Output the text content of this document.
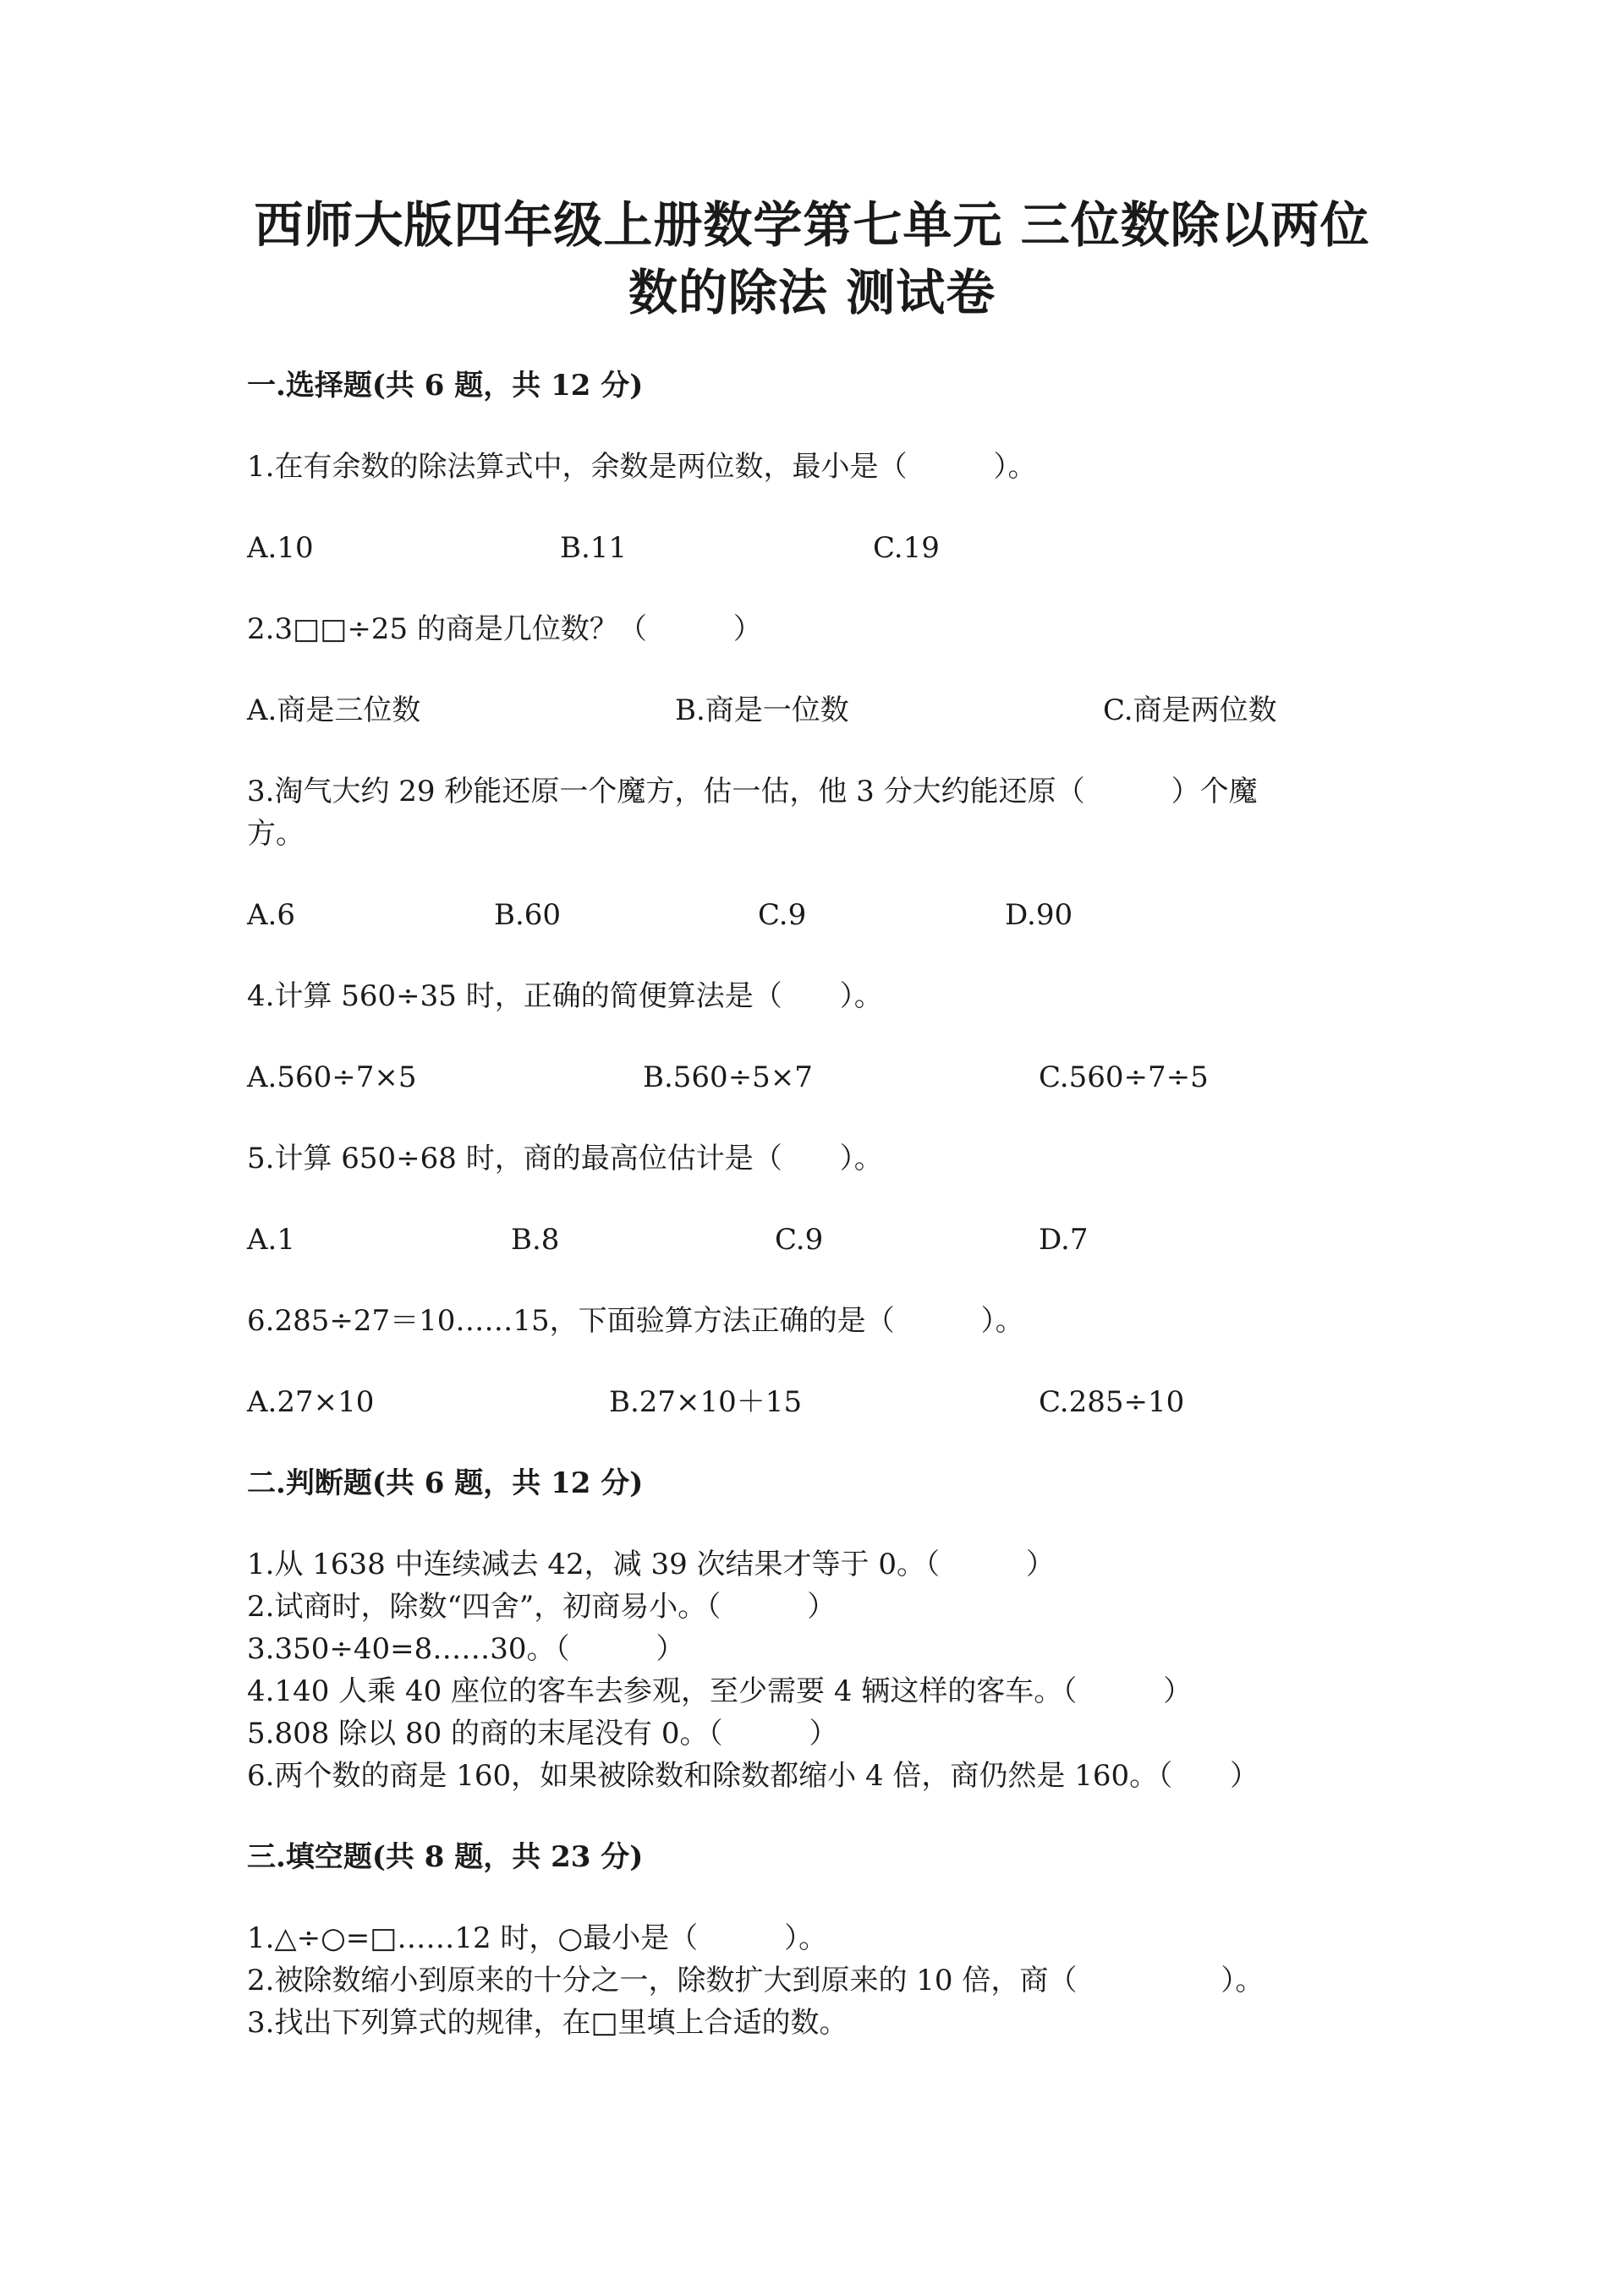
西师大版四年级上册数学第七单元 三位数除以两位
数的除法 测试卷
一.选择题(共 6 题，共 12 分)
1.在有余数的除法算式中，余数是两位数，最小是（　　　）。
A.10	B.11	C.19
2.3□□÷25 的商是几位数？（　　　）
A.商是三位数	B.商是一位数	C.商是两位数
3.淘气大约 29 秒能还原一个魔方，估一估，他 3 分大约能还原（　　　）个魔
方。
A.6	B.60	C.9	D.90
4.计算 560÷35 时，正确的简便算法是（　　）。
A.560÷7×5	B.560÷5×7	C.560÷7÷5
5.计算 650÷68 时，商的最高位估计是（　　）。
A.1	B.8	C.9	D.7
6.285÷27＝10……15，下面验算方法正确的是（　　　）。
A.27×10	B.27×10＋15	C.285÷10
二.判断题(共 6 题，共 12 分)
1.从 1638 中连续减去 42，减 39 次结果才等于 0。（　　　）
2.试商时，除数“四舍”，初商易小。（　　　）
3.350÷40=8……30。（　　　）
4.140 人乘 40 座位的客车去参观，至少需要 4 辆这样的客车。（　　　）
5.808 除以 80 的商的末尾没有 0。（　　　）
6.两个数的商是 160，如果被除数和除数都缩小 4 倍，商仍然是 160。（　　）
三.填空题(共 8 题，共 23 分)
1.△÷○=□……12 时，○最小是（　　　）。
2.被除数缩小到原来的十分之一，除数扩大到原来的 10 倍，商（　　　　　）。
3.找出下列算式的规律，在□里填上合适的数。
